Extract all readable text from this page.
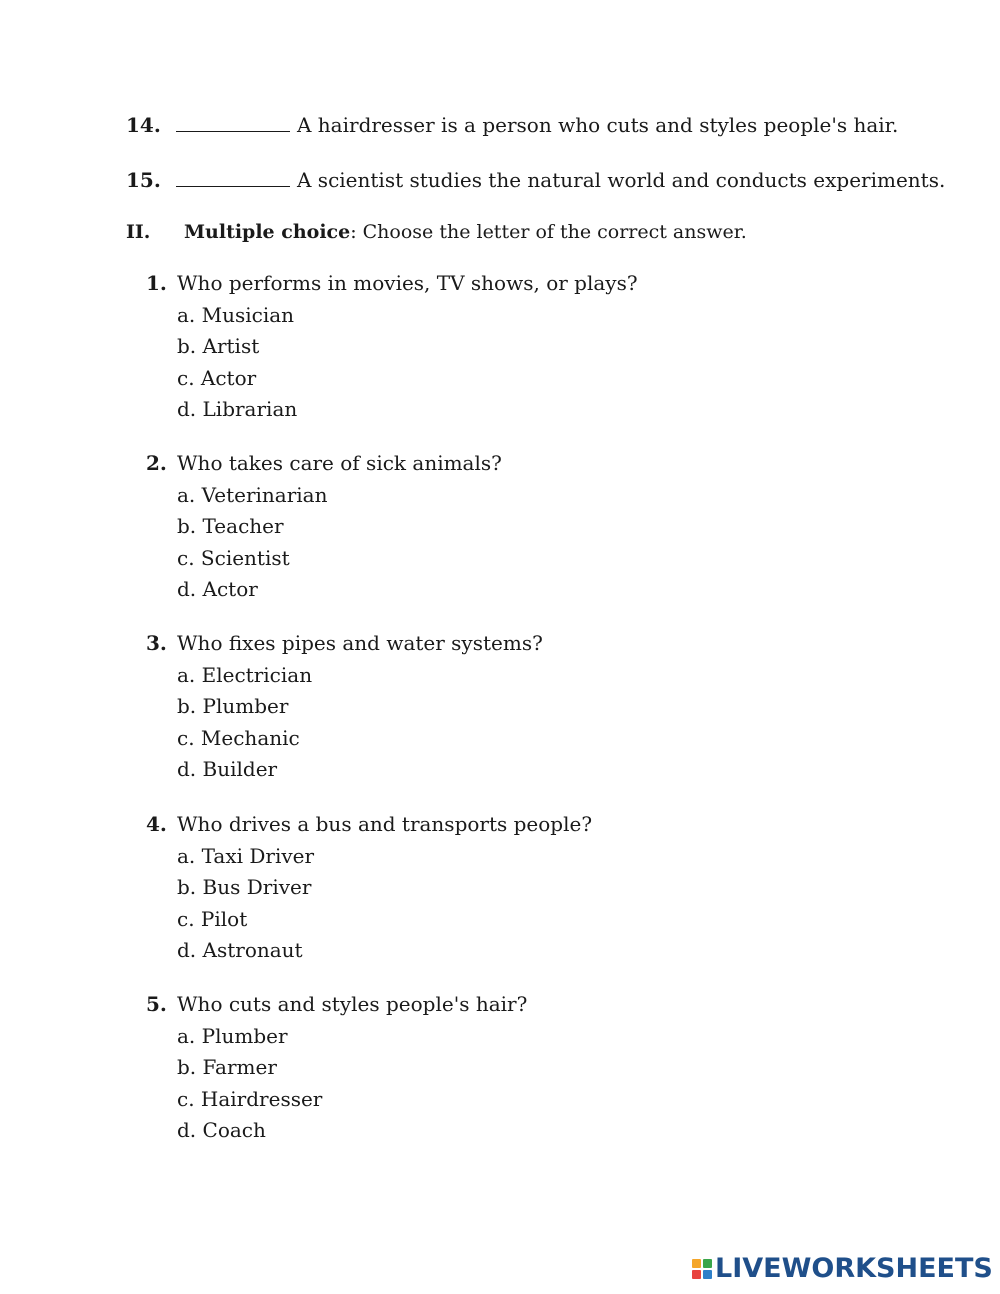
14.	A hairdresser is a person who cuts and styles people's hair.
15.	A scientist studies the natural world and conducts experiments.
II. Multiple choice: Choose the letter of the correct answer.
1. Who performs in movies, TV shows, or plays?
a. Musician
b. Artist
c. Actor
d. Librarian
2. Who takes care of sick animals?
a. Veterinarian
b. Teacher
c. Scientist
d. Actor
3. Who fixes pipes and water systems?
a. Electrician
b. Plumber
c. Mechanic
d. Builder
4. Who drives a bus and transports people?
a. Taxi Driver
b. Bus Driver
c. Pilot
d. Astronaut
5. Who cuts and styles people's hair?
a. Plumber
b. Farmer
c. Hairdresser
d. Coach
LIVEWORKSHEETS
